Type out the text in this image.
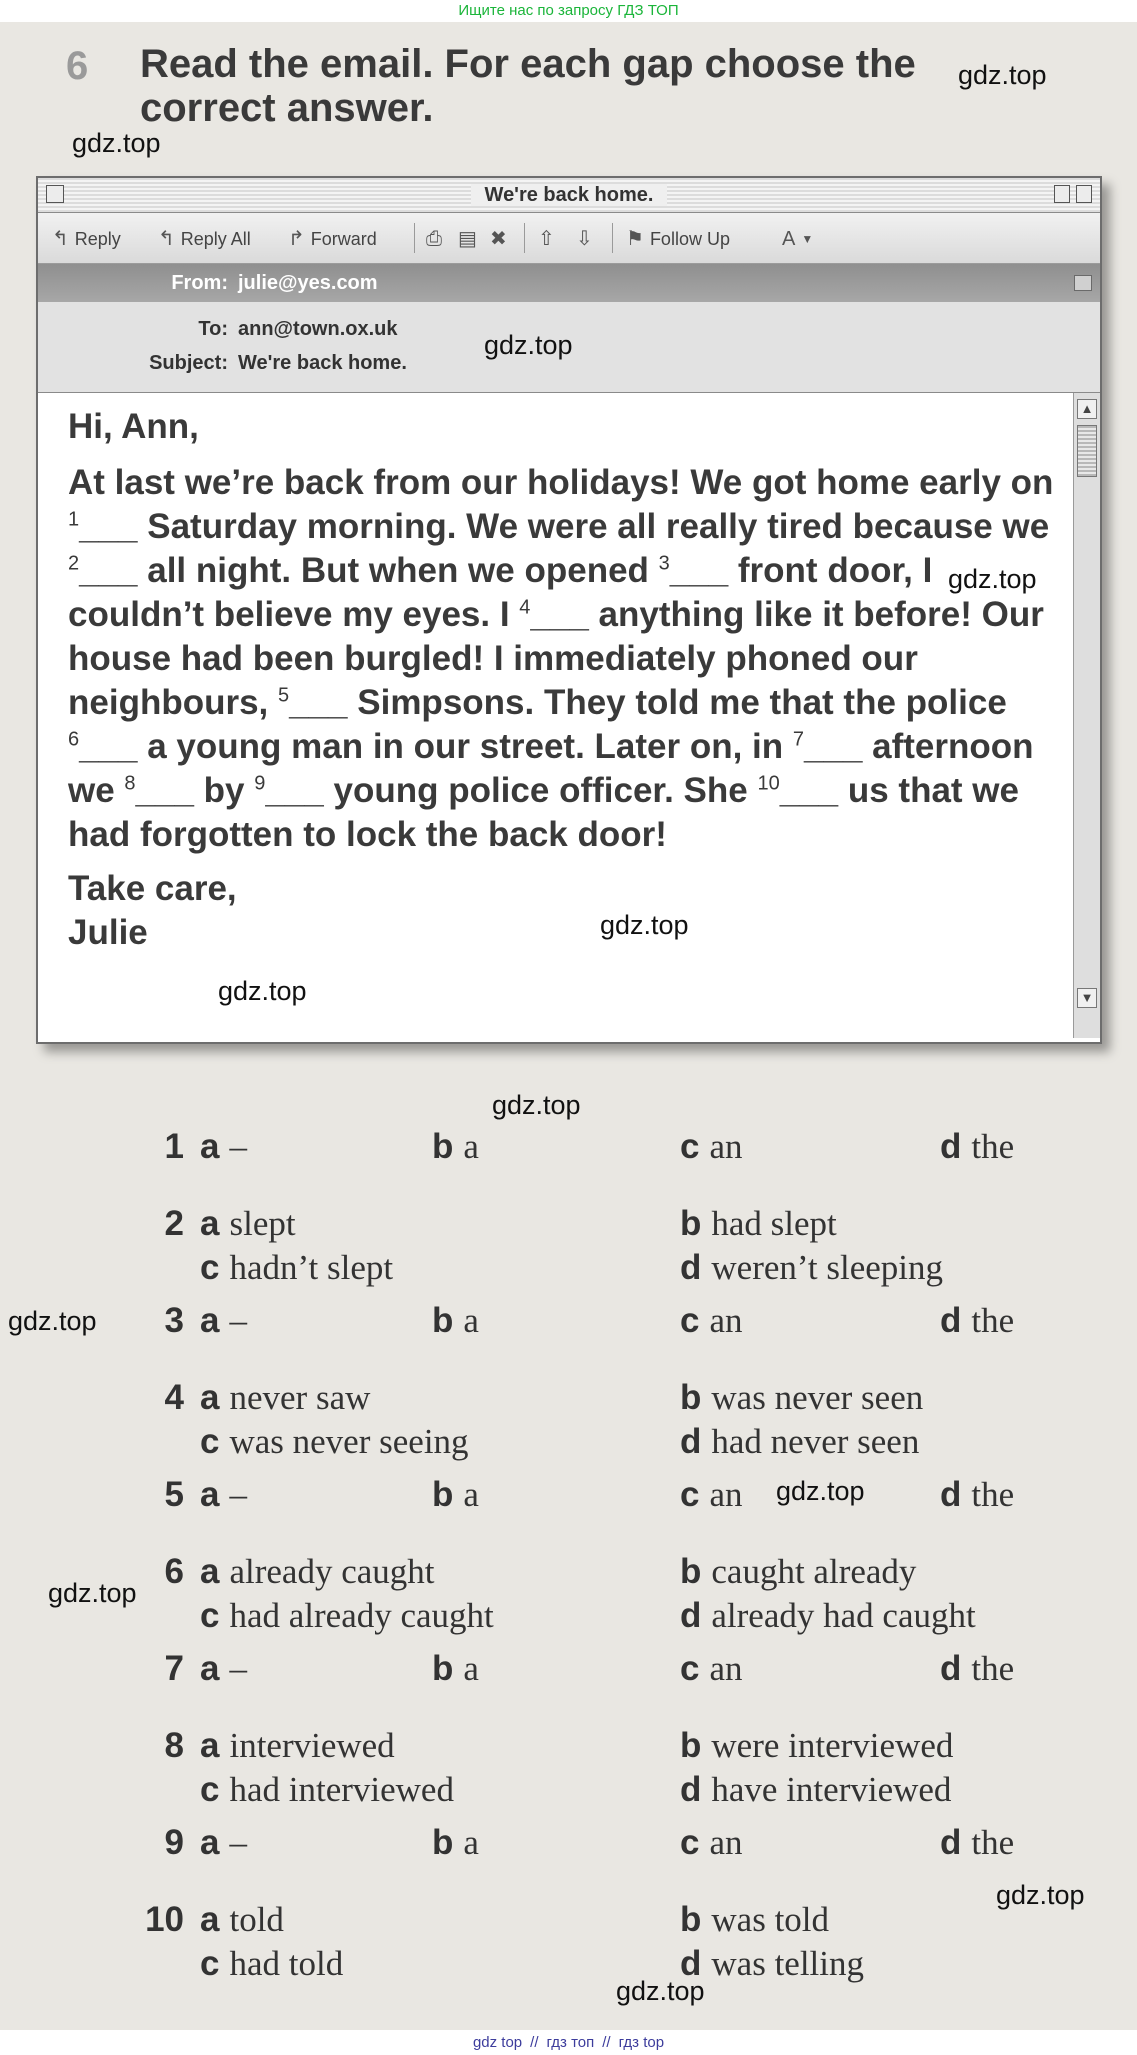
Ищите нас по запросу ГДЗ ТОП
6 Read the email. For each gap choose the correct answer.
We're back home.
↰ Reply ↰ Reply All ↱ Forward ⎙ ▤ ✖ ⇧ ⇩ ⚑ Follow Up	A ▼
From: julie@yes.com
To: ann@town.ox.uk
Subject: We're back home.

Hi, Ann,

At last we’re back from our holidays! We got home early on $^1$___ Saturday morning. We were all really tired because we $^2$___ all night. But when we opened $^3$___ front door, I couldn’t believe my eyes. I $^4$___ anything like it before! Our house had been burgled! I immediately phoned our neighbours, $^5$___ Simpsons. They told me that the police $^6$___ a young man in our street. Later on, in $^7$___ afternoon we $^8$___ by $^9$___ young police officer. She $^{10}$___ us that we had forgotten to lock the back door!

Take care,

Julie

▲
▼
1 a –	b a	c an	d the
2 a slept	b had slept
c hadn’t slept	d weren’t sleeping
3 a –	b a	c an	d the
4 a never saw	b was never seen
c was never seeing	d had never seen
5 a –	b a	c an	d the
6 a already caught	b caught already
c had already caught	d already had caught
7 a –	b a	c an	d the
8 a interviewed	b were interviewed
c had interviewed	d have interviewed
9 a –	b a	c an	d the
10 a told	b was told
c had told	d was telling
gdz.top
gdz.top
gdz.top
gdz.top
gdz.top
gdz.top
gdz.top
gdz.top
gdz.top
gdz.top
gdz.top
gdz.top
gdz top // гдз топ // гдз top
